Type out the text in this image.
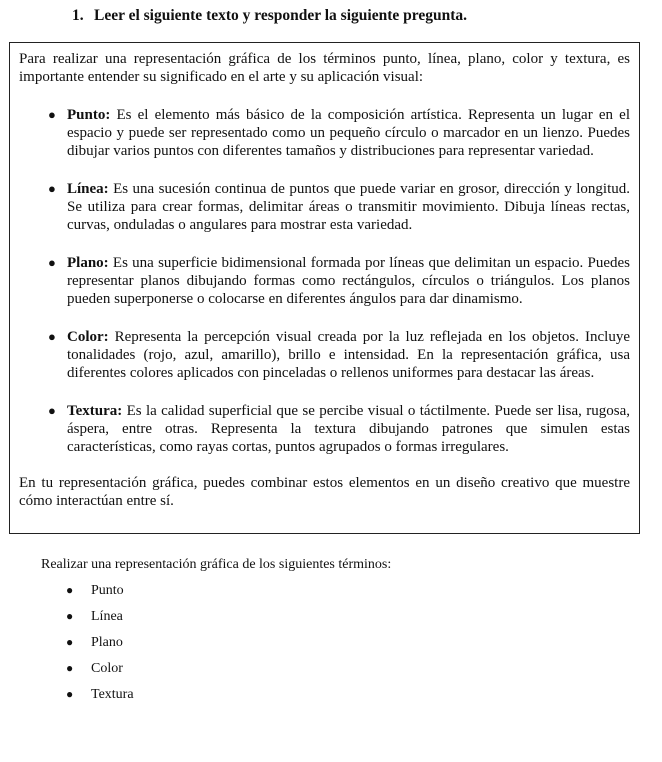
1. Leer el siguiente texto y responder la siguiente pregunta.

Para realizar una representación gráfica de los términos punto, línea, plano, color y textura, es importante entender su significado en el arte y su aplicación visual:

● Punto: Es el elemento más básico de la composición artística. Representa un lugar en el espacio y puede ser representado como un pequeño círculo o marcador en un lienzo. Puedes dibujar varios puntos con diferentes tamaños y distribuciones para representar variedad.
● Línea: Es una sucesión continua de puntos que puede variar en grosor, dirección y longitud. Se utiliza para crear formas, delimitar áreas o transmitir movimiento. Dibuja líneas rectas, curvas, onduladas o angulares para mostrar esta variedad.
● Plano: Es una superficie bidimensional formada por líneas que delimitan un espacio. Puedes representar planos dibujando formas como rectángulos, círculos o triángulos. Los planos pueden superponerse o colocarse en diferentes ángulos para dar dinamismo.
● Color: Representa la percepción visual creada por la luz reflejada en los objetos. Incluye tonalidades (rojo, azul, amarillo), brillo e intensidad. En la representación gráfica, usa diferentes colores aplicados con pinceladas o rellenos uniformes para destacar las áreas.
● Textura: Es la calidad superficial que se percibe visual o táctilmente. Puede ser lisa, rugosa, áspera, entre otras. Representa la textura dibujando patrones que simulen estas características, como rayas cortas, puntos agrupados o formas irregulares.

En tu representación gráfica, puedes combinar estos elementos en un diseño creativo que muestre cómo interactúan entre sí.

Realizar una representación gráfica de los siguientes términos:
● Punto
● Línea
● Plano
● Color
● Textura
